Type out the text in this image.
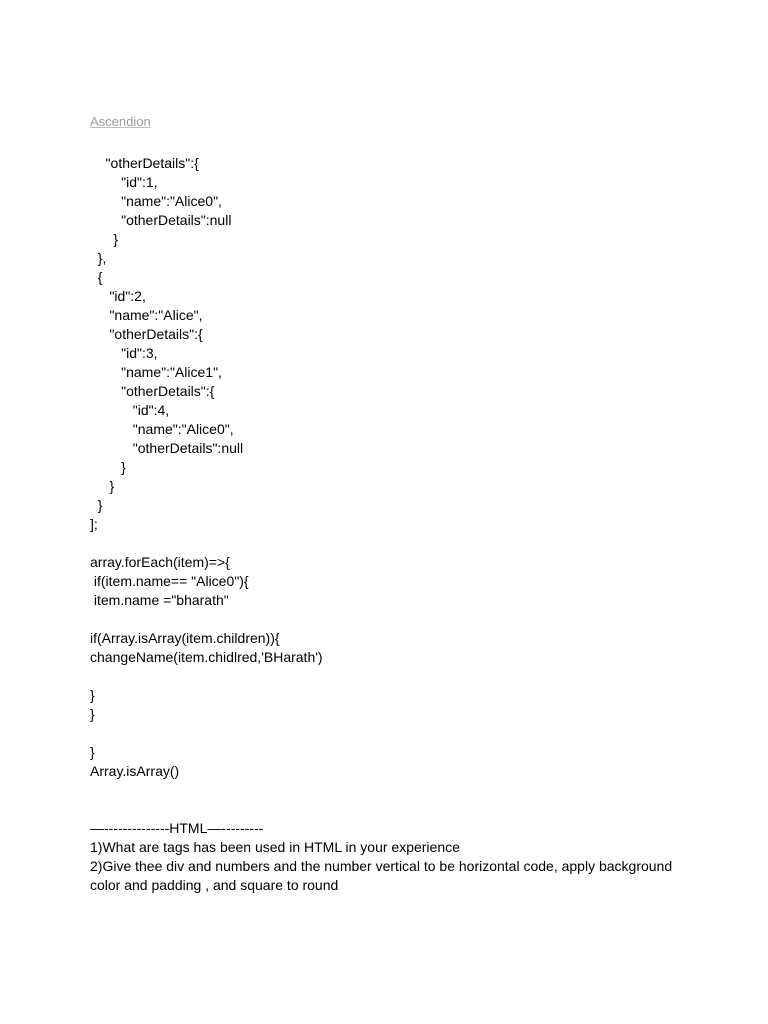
Ascendion
"otherDetails":{
"id":1,
"name":"Alice0",
"otherDetails":null
}
},
{
"id":2,
"name":"Alice",
"otherDetails":{
"id":3,
"name":"Alice1",
"otherDetails":{
"id":4,
"name":"Alice0",
"otherDetails":null
}
}
}
];
array.forEach(item)=>{
if(item.name== "Alice0"){
item.name ="bharath"
if(Array.isArray(item.children)){
changeName(item.chidlred,'BHarath')
}
}
}
Array.isArray()
—--------------HTML—---------
1)What are tags has been used in HTML in your experience
2)Give thee div and numbers and the number vertical to be horizontal code, apply background color and padding , and square to round
